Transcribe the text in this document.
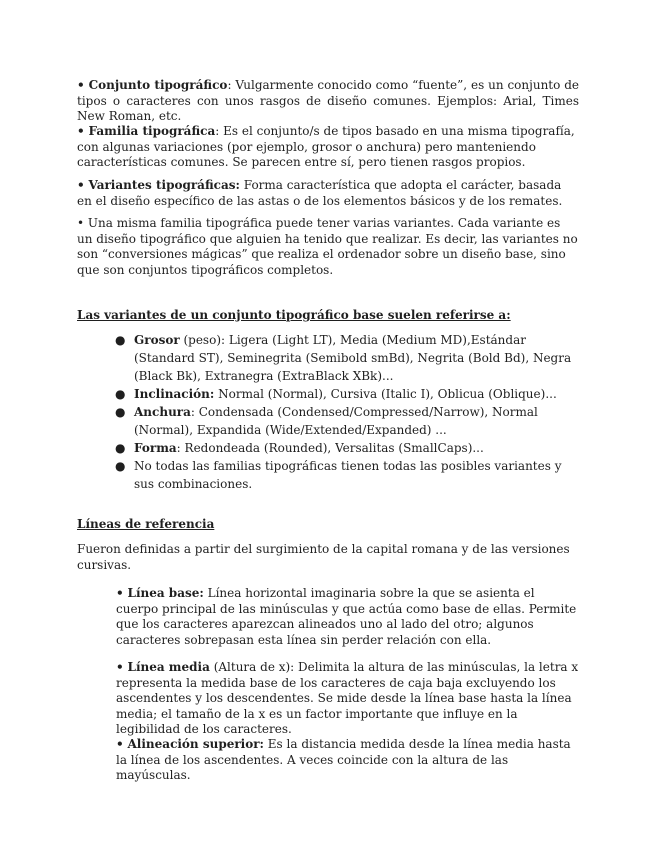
• Conjunto tipográfico: Vulgarmente conocido como “fuente”, es un conjunto de tipos o caracteres con unos rasgos de diseño comunes. Ejemplos: Arial, Times New Roman, etc.

• Familia tipográfica: Es el conjunto/s de tipos basado en una misma tipografía, con algunas variaciones (por ejemplo, grosor o anchura) pero manteniendo características comunes. Se parecen entre sí, pero tienen rasgos propios.

• Variantes tipográficas: Forma característica que adopta el carácter, basada en el diseño específico de las astas o de los elementos básicos y de los remates.

• Una misma familia tipográfica puede tener varias variantes. Cada variante es un diseño tipográfico que alguien ha tenido que realizar. Es decir, las variantes no son “conversiones mágicas” que realiza el ordenador sobre un diseño base, sino que son conjuntos tipográficos completos.

Las variantes de un conjunto tipográfico base suelen referirse a:

● Grosor (peso): Ligera (Light LT), Media (Medium MD),Estándar (Standard ST), Seminegrita (Semibold smBd), Negrita (Bold Bd), Negra (Black Bk), Extranegra (ExtraBlack XBk)...
● Inclinación: Normal (Normal), Cursiva (Italic I), Oblicua (Oblique)...
● Anchura: Condensada (Condensed/Compressed/Narrow), Normal (Normal), Expandida (Wide/Extended/Expanded) ...
● Forma: Redondeada (Rounded), Versalitas (SmallCaps)...
● No todas las familias tipográficas tienen todas las posibles variantes y sus combinaciones.

Líneas de referencia

Fueron definidas a partir del surgimiento de la capital romana y de las versiones cursivas.

• Línea base: Línea horizontal imaginaria sobre la que se asienta el cuerpo principal de las minúsculas y que actúa como base de ellas. Permite que los caracteres aparezcan alineados uno al lado del otro; algunos caracteres sobrepasan esta línea sin perder relación con ella.

• Línea media (Altura de x): Delimita la altura de las minúsculas, la letra x representa la medida base de los caracteres de caja baja excluyendo los ascendentes y los descendentes. Se mide desde la línea base hasta la línea media; el tamaño de la x es un factor importante que influye en la legibilidad de los caracteres.

• Alineación superior: Es la distancia medida desde la línea media hasta la línea de los ascendentes. A veces coincide con la altura de las mayúsculas.
